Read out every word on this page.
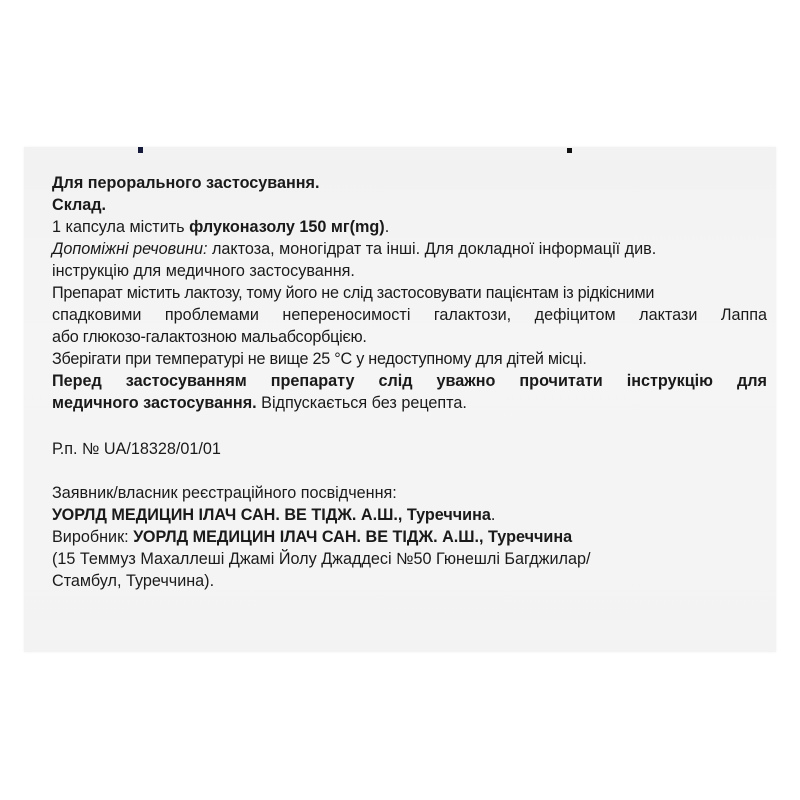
Для перорального застосування.
Склад.
1 капсула містить флуконазолу 150 мг(mg).
Допоміжні речовини: лактоза, моногідрат та інші. Для докладної інформації див.
інструкцію для медичного застосування.
Препарат містить лактозу, тому його не слід застосовувати пацієнтам із рідкісними
спадковими проблемами непереносимості галактози, дефіцитом лактази Лаппа
або глюкозо-галактозною мальабсорбцією.
Зберігати при температурі не вище 25 °С у недоступному для дітей місці.
Перед застосуванням препарату слід уважно прочитати інструкцію для
медичного застосування. Відпускається без рецепта.
Р.п. № UA/18328/01/01
Заявник/власник реєстраційного посвідчення:
УОРЛД МЕДИЦИН ІЛАЧ САН. ВЕ ТІДЖ. А.Ш., Туреччина.
Виробник: УОРЛД МЕДИЦИН ІЛАЧ САН. ВЕ ТІДЖ. А.Ш., Туреччина
(15 Теммуз Махаллеші Джамі Йолу Джаддесі №50 Гюнешлі Багджилар/
Стамбул, Туреччина).
